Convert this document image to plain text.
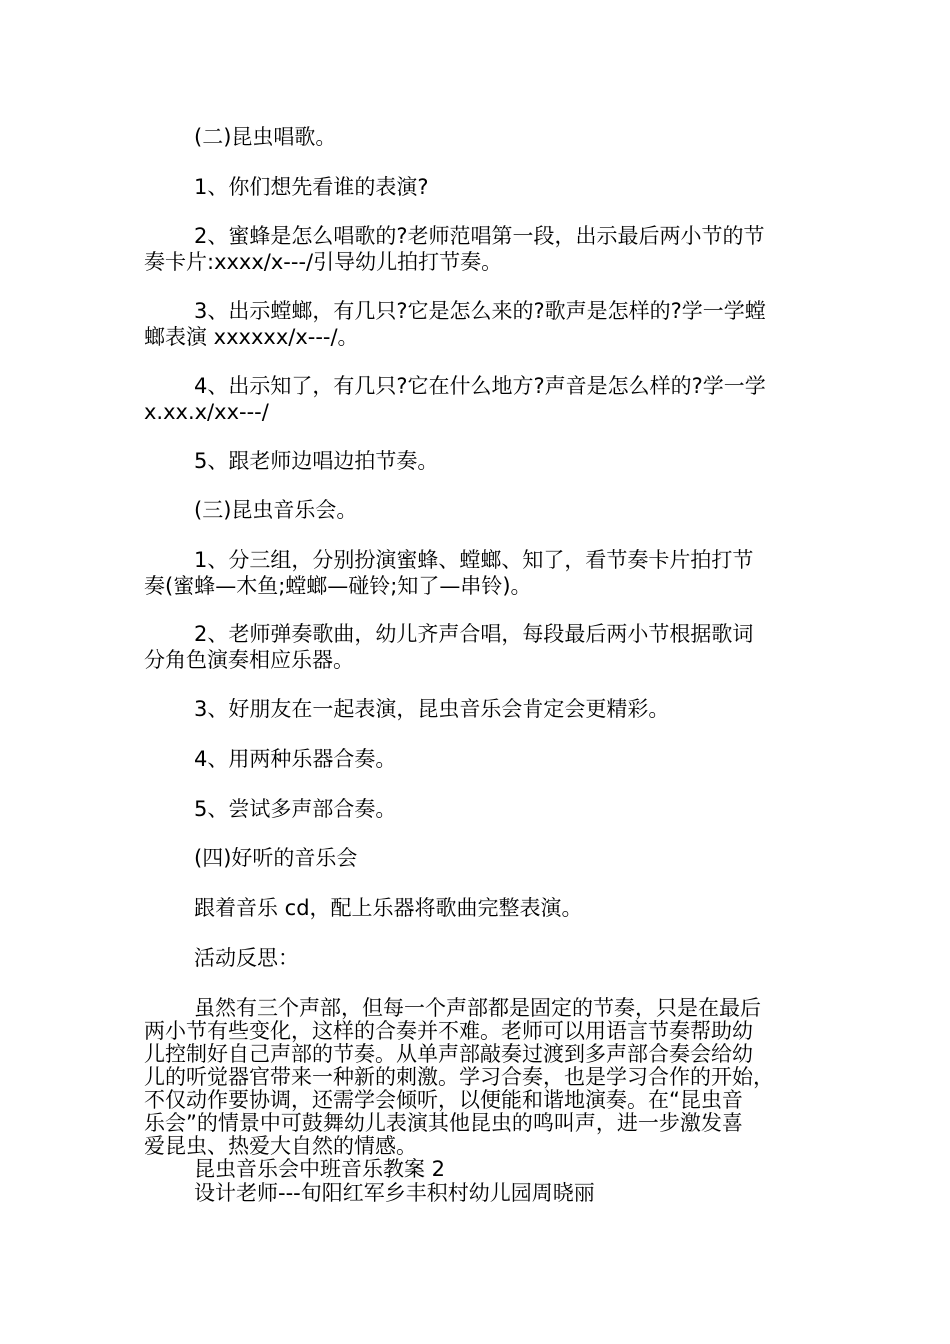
(二)昆虫唱歌。

1、你们想先看谁的表演?

2、蜜蜂是怎么唱歌的?老师范唱第一段，出示最后两小节的节
奏卡片:xxxx/x---/引导幼儿拍打节奏。

3、出示螳螂，有几只?它是怎么来的?歌声是怎样的?学一学螳
螂表演 xxxxxx/x---/。

4、出示知了，有几只?它在什么地方?声音是怎么样的?学一学
x.xx.x/xx---/

5、跟老师边唱边拍节奏。

(三)昆虫音乐会。

1、分三组，分别扮演蜜蜂、螳螂、知了，看节奏卡片拍打节
奏(蜜蜂—木鱼;螳螂—碰铃;知了—串铃)。

2、老师弹奏歌曲，幼儿齐声合唱，每段最后两小节根据歌词
分角色演奏相应乐器。

3、好朋友在一起表演，昆虫音乐会肯定会更精彩。

4、用两种乐器合奏。

5、尝试多声部合奏。

(四)好听的音乐会

跟着音乐 cd，配上乐器将歌曲完整表演。

活动反思：

虽然有三个声部，但每一个声部都是固定的节奏，只是在最后
两小节有些变化，这样的合奏并不难。老师可以用语言节奏帮助幼
儿控制好自己声部的节奏。从单声部敲奏过渡到多声部合奏会给幼
儿的听觉器官带来一种新的刺激。学习合奏，也是学习合作的开始，
不仅动作要协调，还需学会倾听，以便能和谐地演奏。在“昆虫音
乐会”的情景中可鼓舞幼儿表演其他昆虫的鸣叫声，进一步激发喜
爱昆虫、热爱大自然的情感。

昆虫音乐会中班音乐教案 2

设计老师---旬阳红军乡丰积村幼儿园周晓丽
